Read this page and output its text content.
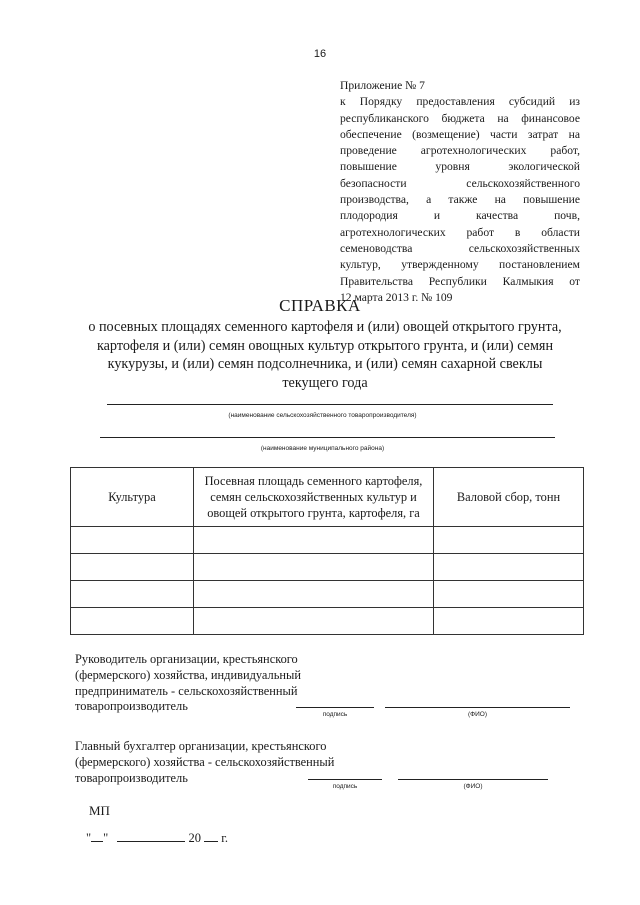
16
Приложение № 7
к Порядку предоставления субсидий из
республиканского бюджета на финансовое
обеспечение (возмещение) части затрат на
проведение агротехнологических работ,
повышение уровня экологической
безопасности сельскохозяйственного
производства, а также на повышение
плодородия и качества почв,
агротехнологических работ в области
семеноводства сельскохозяйственных
культур, утвержденному постановлением
Правительства Республики Калмыкия от
12 марта 2013 г. № 109
СПРАВКА
о посевных площадях семенного картофеля и (или) овощей открытого грунта,
картофеля и (или) семян овощных культур открытого грунта, и (или) семян
кукурузы, и (или) семян подсолнечника, и (или) семян сахарной свеклы
текущего года
(наименование сельскохозяйственного товаропроизводителя)
(наименование муниципального района)
Культура	Посевная площадь семенного картофеля, семян сельскохозяйственных культур и овощей открытого грунта, картофеля, га	Валовой сбор, тонн

Руководитель организации, крестьянского
(фермерского) хозяйства, индивидуальный
предприниматель - сельскохозяйственный
товаропроизводитель
подпись	(ФИО)
Главный бухгалтер организации, крестьянского
(фермерского) хозяйства - сельскохозяйственный
товаропроизводитель
подпись	(ФИО)
МП
" "	20 г.
